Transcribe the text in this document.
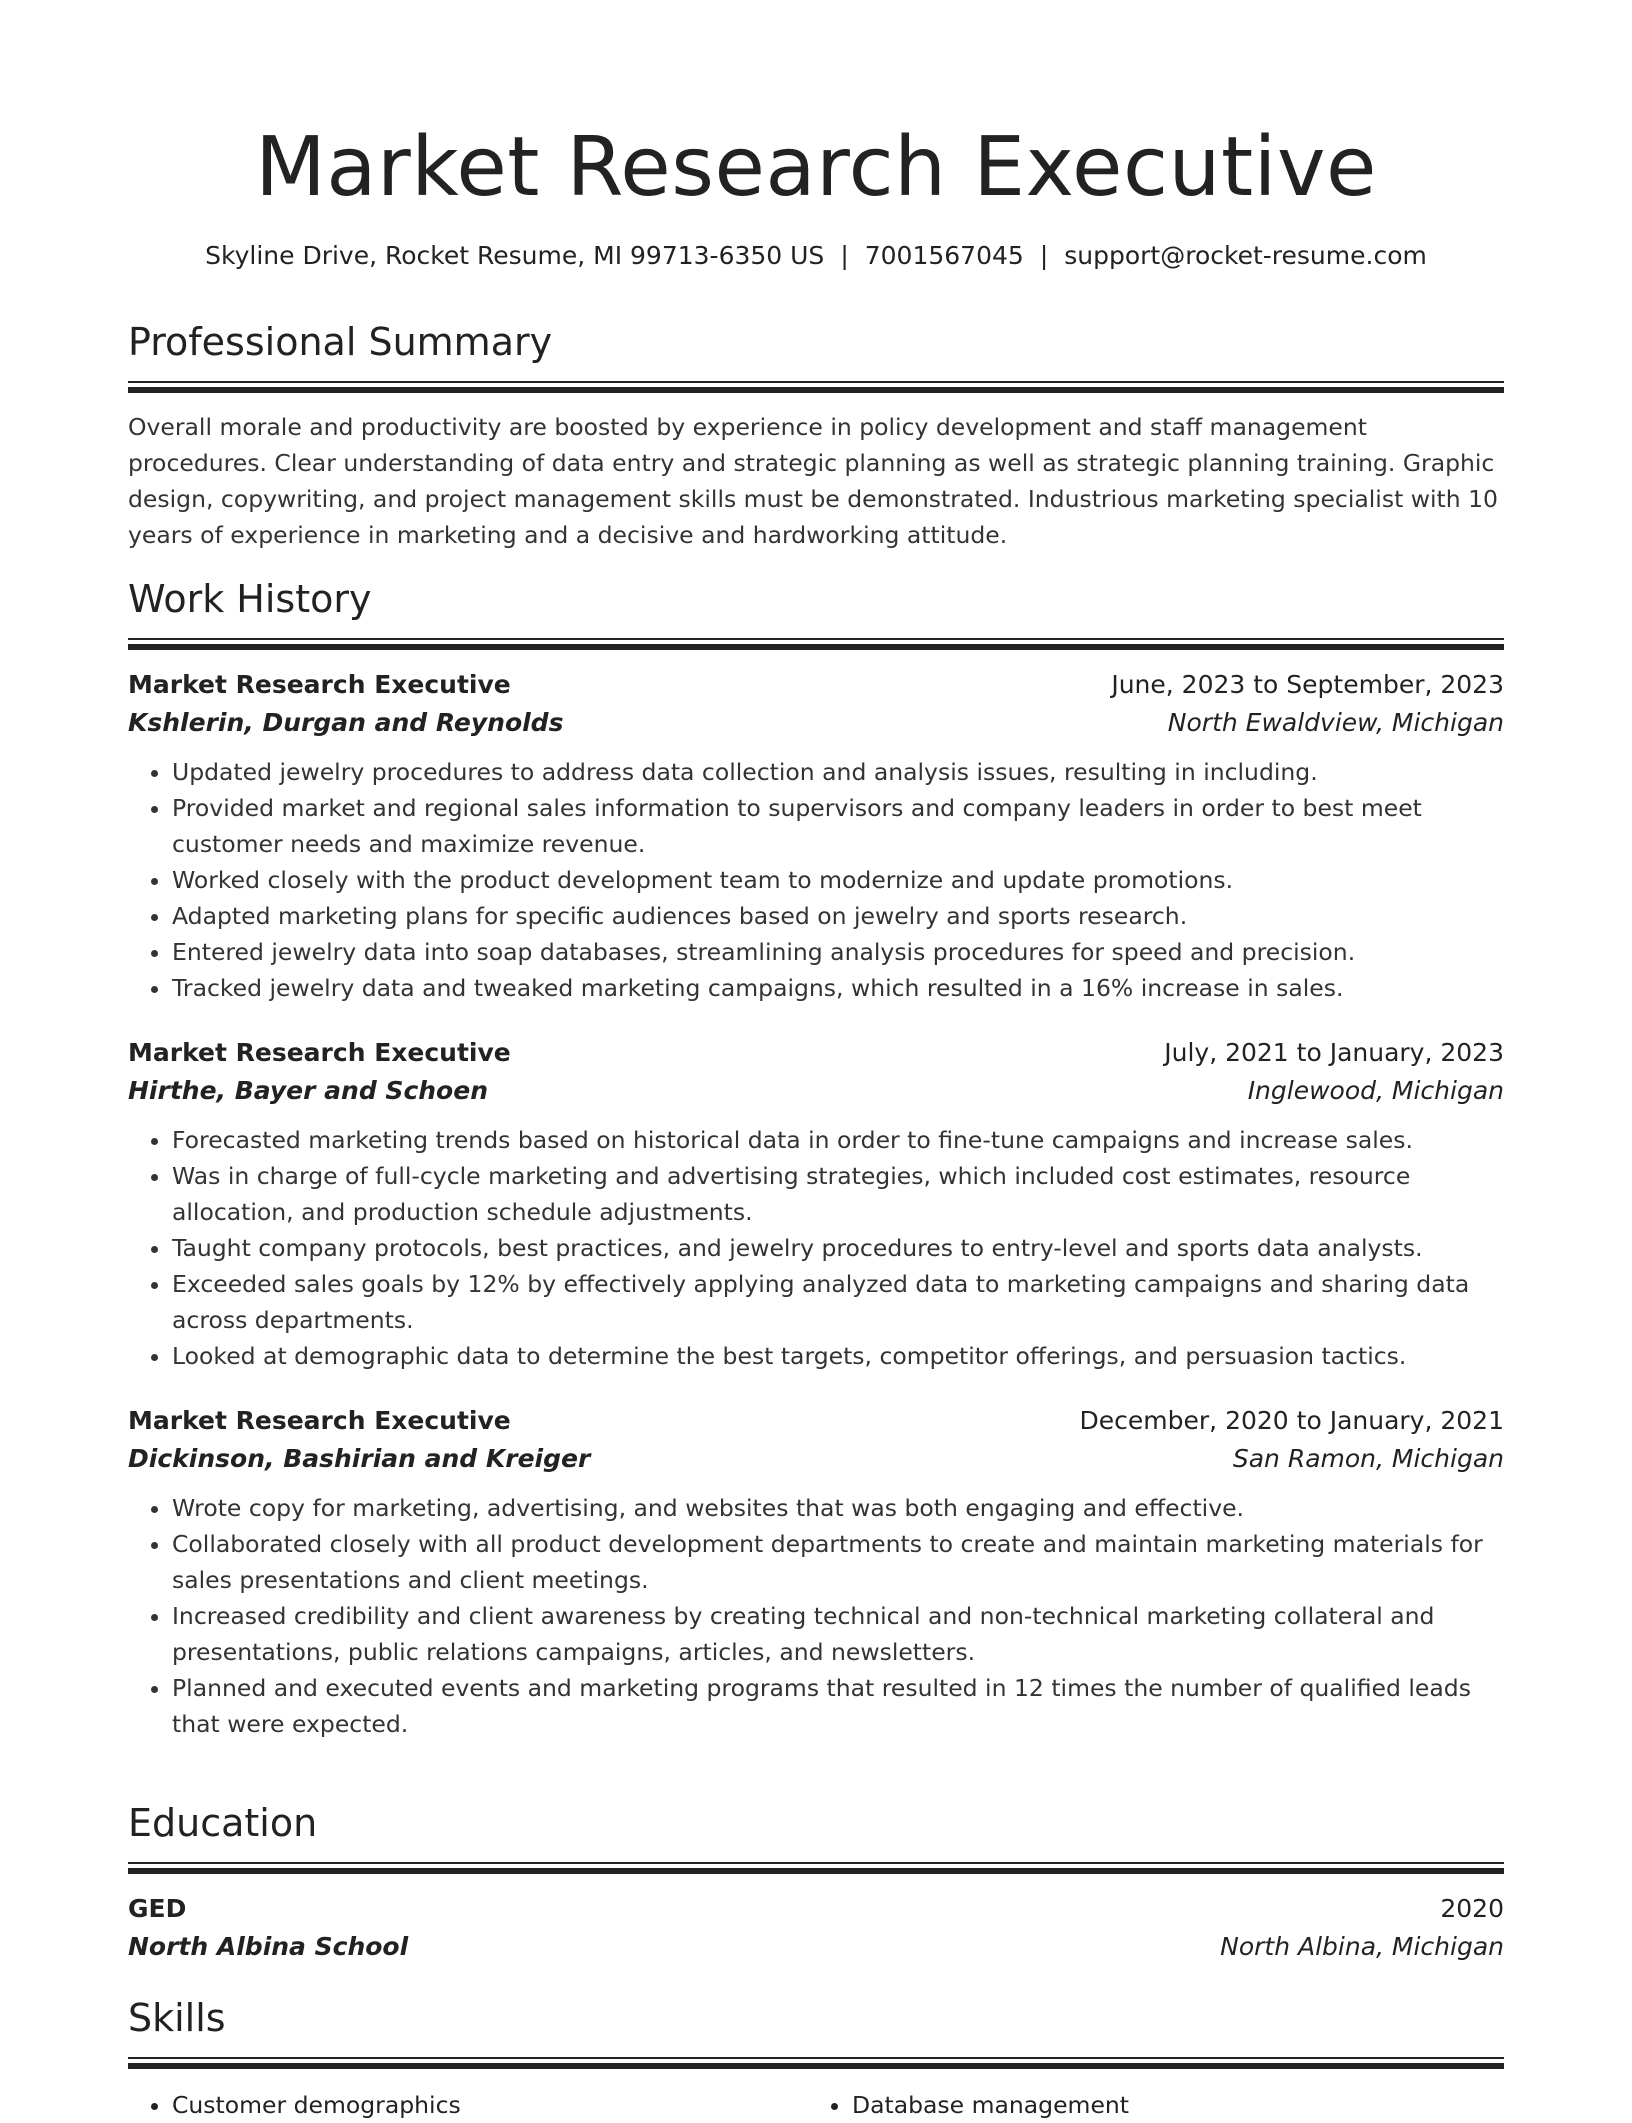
Market Research Executive
Skyline Drive, Rocket Resume, MI 99713-6350 US | 7001567045 | support@rocket-resume.com
Professional Summary
Overall morale and productivity are boosted by experience in policy development and staff management procedures. Clear understanding of data entry and strategic planning as well as strategic planning training. Graphic design, copywriting, and project management skills must be demonstrated. Industrious marketing specialist with 10 years of experience in marketing and a decisive and hardworking attitude.
Work History
Market Research Executive	June, 2023 to September, 2023
Kshlerin, Durgan and Reynolds	North Ewaldview, Michigan
• Updated jewelry procedures to address data collection and analysis issues, resulting in including.
• Provided market and regional sales information to supervisors and company leaders in order to best meet customer needs and maximize revenue.
• Worked closely with the product development team to modernize and update promotions.
• Adapted marketing plans for specific audiences based on jewelry and sports research.
• Entered jewelry data into soap databases, streamlining analysis procedures for speed and precision.
• Tracked jewelry data and tweaked marketing campaigns, which resulted in a 16% increase in sales.
Market Research Executive	July, 2021 to January, 2023
Hirthe, Bayer and Schoen	Inglewood, Michigan
• Forecasted marketing trends based on historical data in order to fine-tune campaigns and increase sales.
• Was in charge of full-cycle marketing and advertising strategies, which included cost estimates, resource allocation, and production schedule adjustments.
• Taught company protocols, best practices, and jewelry procedures to entry-level and sports data analysts.
• Exceeded sales goals by 12% by effectively applying analyzed data to marketing campaigns and sharing data across departments.
• Looked at demographic data to determine the best targets, competitor offerings, and persuasion tactics.
Market Research Executive	December, 2020 to January, 2021
Dickinson, Bashirian and Kreiger	San Ramon, Michigan
• Wrote copy for marketing, advertising, and websites that was both engaging and effective.
• Collaborated closely with all product development departments to create and maintain marketing materials for sales presentations and client meetings.
• Increased credibility and client awareness by creating technical and non-technical marketing collateral and presentations, public relations campaigns, articles, and newsletters.
• Planned and executed events and marketing programs that resulted in 12 times the number of qualified leads that were expected.
Education
GED	2020
North Albina School	North Albina, Michigan
Skills
• Customer demographics
•	Database management
